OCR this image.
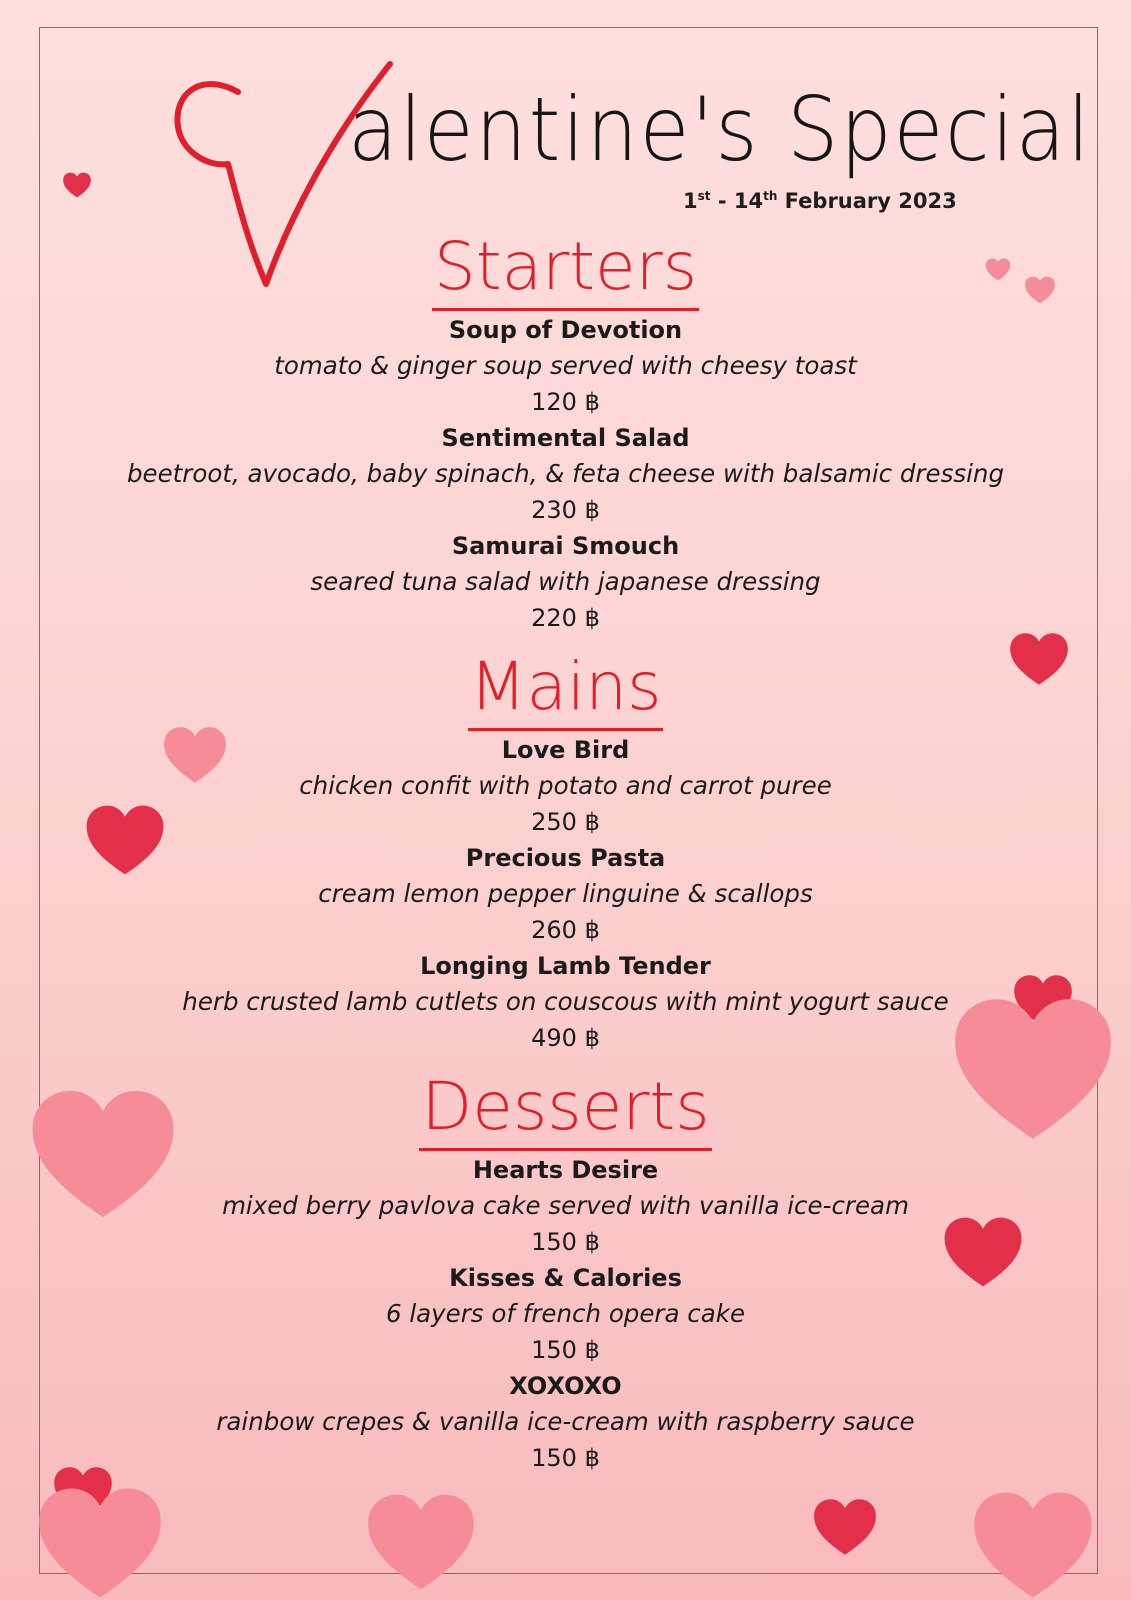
V
alentine's Special
1st - 14th February 2023
Starters
Soup of Devotion
tomato & ginger soup served with cheesy toast
120 ฿
Sentimental Salad
beetroot, avocado, baby spinach, & feta cheese with balsamic dressing
230 ฿
Samurai Smouch
seared tuna salad with japanese dressing
220 ฿
Mains
Love Bird
chicken confit with potato and carrot puree
250 ฿
Precious Pasta
cream lemon pepper linguine & scallops
260 ฿
Longing Lamb Tender
herb crusted lamb cutlets on couscous with mint yogurt sauce
490 ฿
Desserts
Hearts Desire
mixed berry pavlova cake served with vanilla ice-cream
150 ฿
Kisses & Calories
6 layers of french opera cake
150 ฿
XOXOXO
rainbow crepes & vanilla ice-cream with raspberry sauce
150 ฿
